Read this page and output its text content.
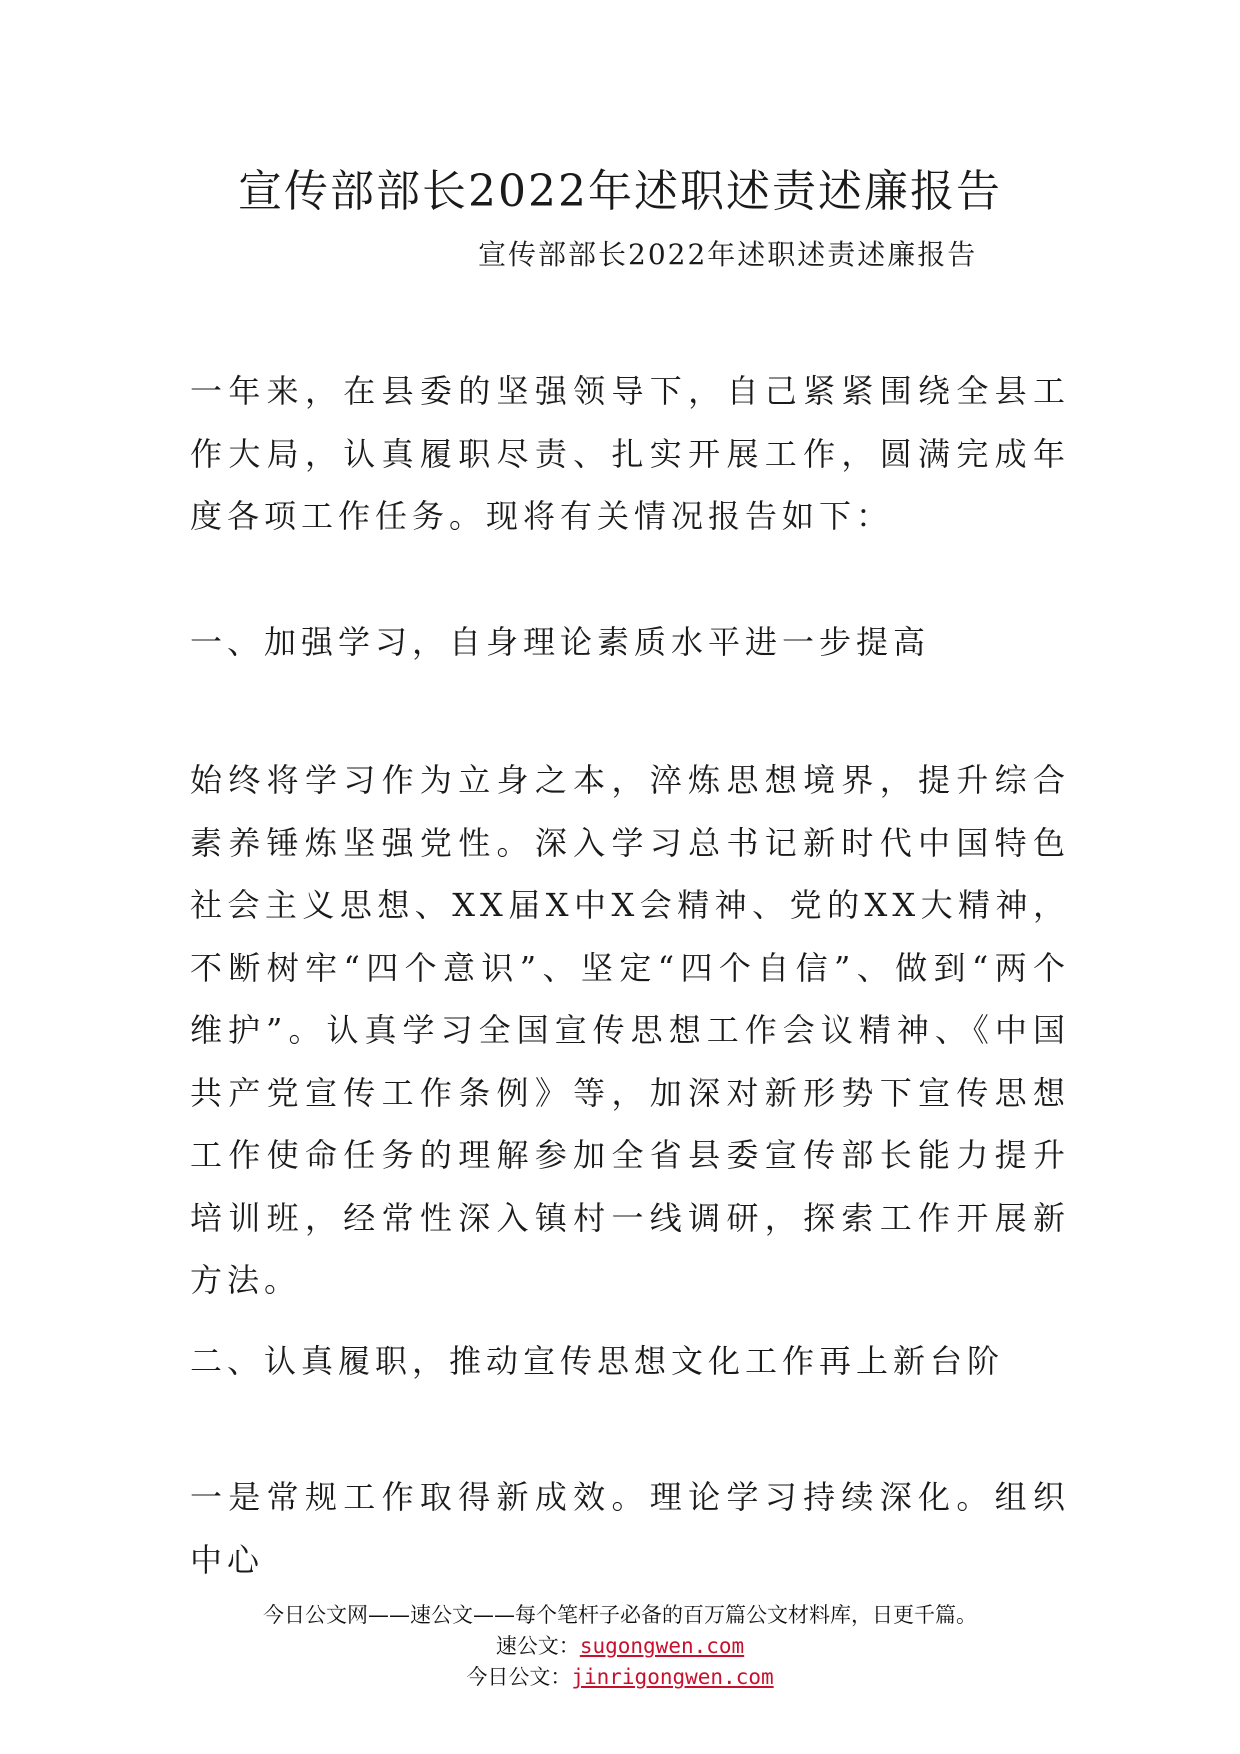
宣传部部长2022年述职述责述廉报告

宣传部部长2022年述职述责述廉报告

一年来，在县委的坚强领导下，自己紧紧围绕全县工作大局，认真履职尽责、扎实开展工作，圆满完成年度各项工作任务。现将有关情况报告如下：

一、加强学习，自身理论素质水平进一步提高

始终将学习作为立身之本，淬炼思想境界，提升综合素养锤炼坚强党性。深入学习总书记新时代中国特色社会主义思想、XX届X中X会精神、党的XX大精神，不断树牢“四个意识”、坚定“四个自信”、做到“两个维护”。认真学习全国宣传思想工作会议精神、《中国共产党宣传工作条例》等，加深对新形势下宣传思想工作使命任务的理解参加全省县委宣传部长能力提升培训班，经常性深入镇村一线调研，探索工作开展新方法。

二、认真履职，推动宣传思想文化工作再上新台阶

一是常规工作取得新成效。理论学习持续深化。组织中心

今日公文网——速公文——每个笔杆子必备的百万篇公文材料库，日更千篇。
速公文：sugongwen.com
今日公文：jinrigongwen.com
